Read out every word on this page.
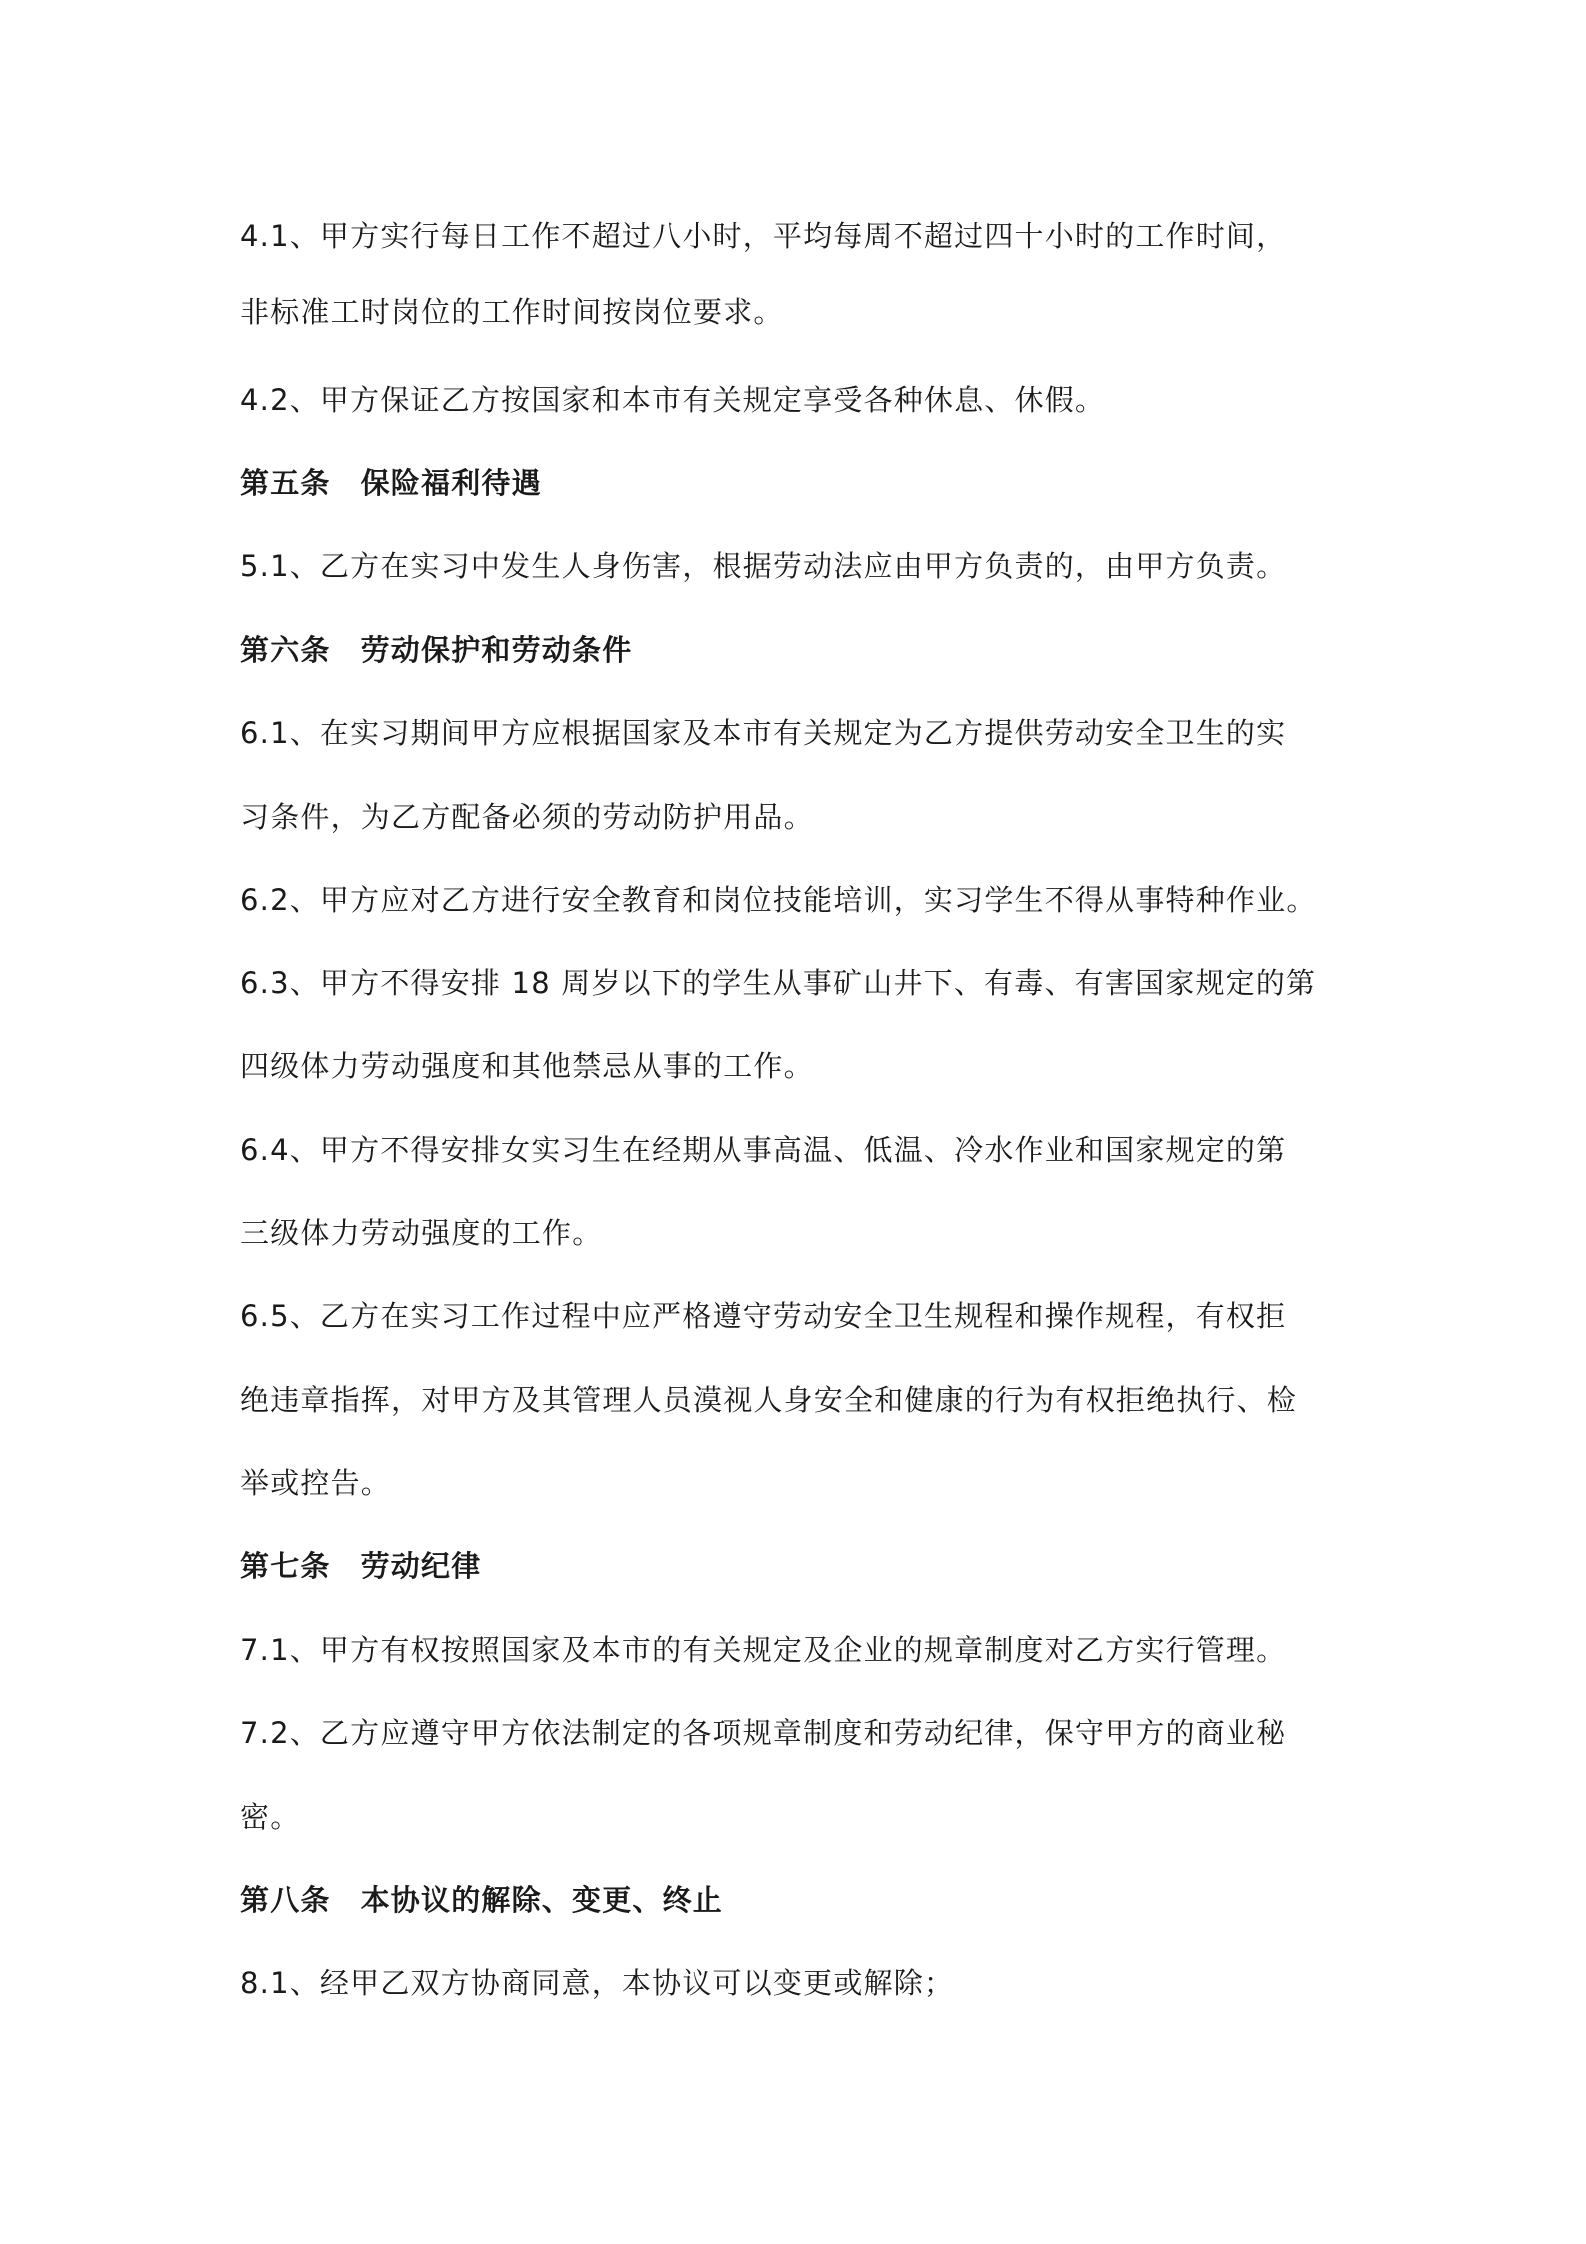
4.1、甲方实行每日工作不超过八小时，平均每周不超过四十小时的工作时间，
非标准工时岗位的工作时间按岗位要求。
4.2、甲方保证乙方按国家和本市有关规定享受各种休息、休假。
第五条 保险福利待遇
5.1、乙方在实习中发生人身伤害，根据劳动法应由甲方负责的，由甲方负责。
第六条 劳动保护和劳动条件
6.1、在实习期间甲方应根据国家及本市有关规定为乙方提供劳动安全卫生的实
习条件，为乙方配备必须的劳动防护用品。
6.2、甲方应对乙方进行安全教育和岗位技能培训，实习学生不得从事特种作业。
6.3、甲方不得安排 18 周岁以下的学生从事矿山井下、有毒、有害国家规定的第
四级体力劳动强度和其他禁忌从事的工作。
6.4、甲方不得安排女实习生在经期从事高温、低温、冷水作业和国家规定的第
三级体力劳动强度的工作。
6.5、乙方在实习工作过程中应严格遵守劳动安全卫生规程和操作规程，有权拒
绝违章指挥，对甲方及其管理人员漠视人身安全和健康的行为有权拒绝执行、检
举或控告。
第七条 劳动纪律
7.1、甲方有权按照国家及本市的有关规定及企业的规章制度对乙方实行管理。
7.2、乙方应遵守甲方依法制定的各项规章制度和劳动纪律，保守甲方的商业秘
密。
第八条 本协议的解除、变更、终止
8.1、经甲乙双方协商同意，本协议可以变更或解除；
